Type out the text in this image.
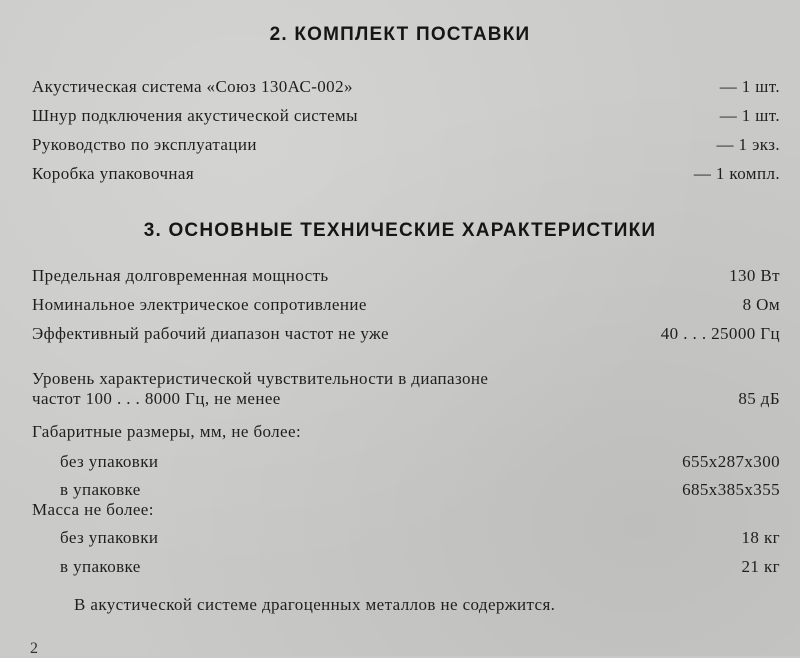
2. КОМПЛЕКТ ПОСТАВКИ
Акустическая система «Союз 130АС-002»	— 1 шт.
Шнур подключения акустической системы	— 1 шт.
Руководство по эксплуатации	— 1 экз.
Коробка упаковочная	— 1 компл.
3. ОСНОВНЫЕ ТЕХНИЧЕСКИЕ ХАРАКТЕРИСТИКИ
Предельная долговременная мощность	130 Вт
Номинальное электрическое сопротивление	8 Ом
Эффективный рабочий диапазон частот не уже	40 . . . 25000 Гц
Уровень характеристической чувствительности в диапазоне
частот 100 . . . 8000 Гц, не менее	85 дБ
Габаритные размеры, мм, не более:
без упаковки	655x287x300
в упаковке	685x385x355
Масса не более:
без упаковки	18 кг
в упаковке	21 кг
В акустической системе драгоценных металлов не содержится.
2
